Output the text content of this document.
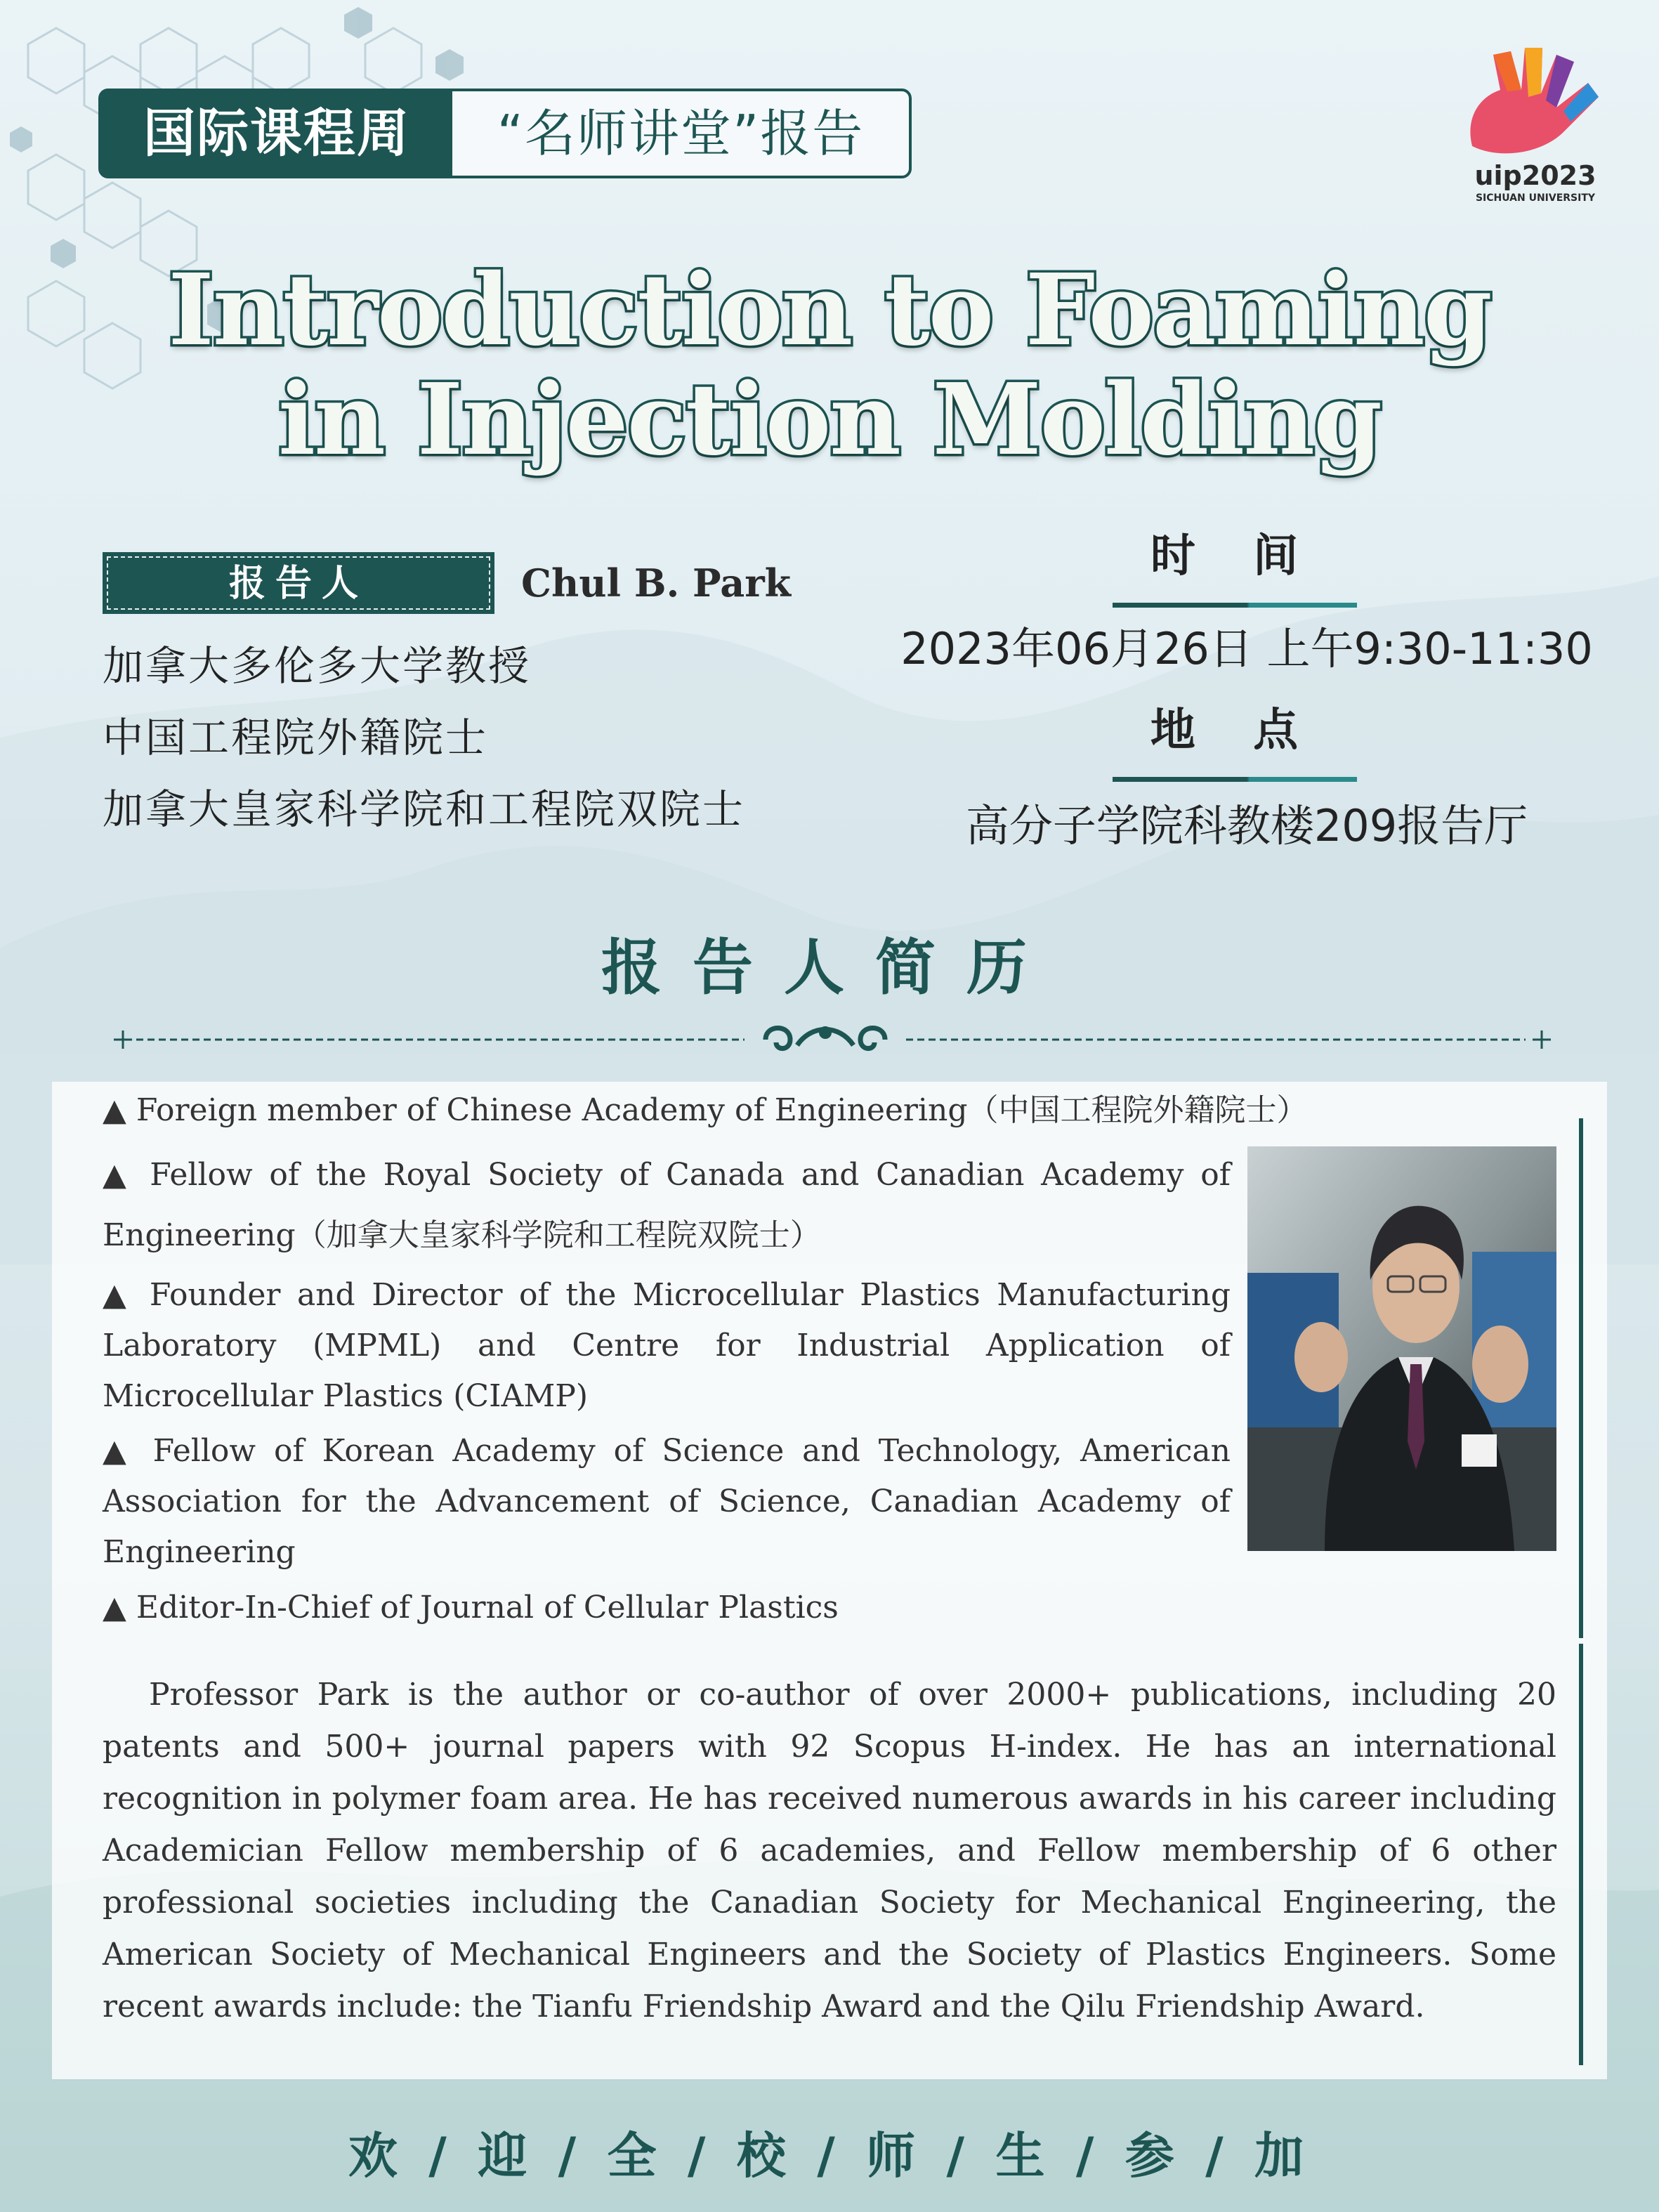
国际课程周	“名师讲堂”报告
uip2023
SICHUAN UNIVERSITY
Introduction to Foaming
in Injection Molding
报告人	Chul B. Park
加拿大多伦多大学教授
中国工程院外籍院士
加拿大皇家科学院和工程院双院士
时 间
2023年06月26日 上午9:30-11:30
地 点
高分子学院科教楼209报告厅
报告人简历

▲ Foreign member of Chinese Academy of Engineering（中国工程院外籍院士）

▲ Fellow of the Royal Society of Canada and Canadian Academy of Engineering（加拿大皇家科学院和工程院双院士）

▲ Founder and Director of the Microcellular Plastics Manufacturing Laboratory (MPML) and Centre for Industrial Application of Microcellular Plastics (CIAMP)

▲ Fellow of Korean Academy of Science and Technology, American Association for the Advancement of Science, Canadian Academy of Engineering

▲ Editor-In-Chief of Journal of Cellular Plastics

Professor Park is the author or co-author of over 2000+ publications, including 20 patents and 500+ journal papers with 92 Scopus H-index. He has an international recognition in polymer foam area. He has received numerous awards in his career including Academician Fellow membership of 6 academies, and Fellow membership of 6 other professional societies including the Canadian Society for Mechanical Engineering, the American Society of Mechanical Engineers and the Society of Plastics Engineers. Some recent awards include: the Tianfu Friendship Award and the Qilu Friendship Award.
欢 / 迎 / 全 / 校 / 师 / 生 / 参 / 加
